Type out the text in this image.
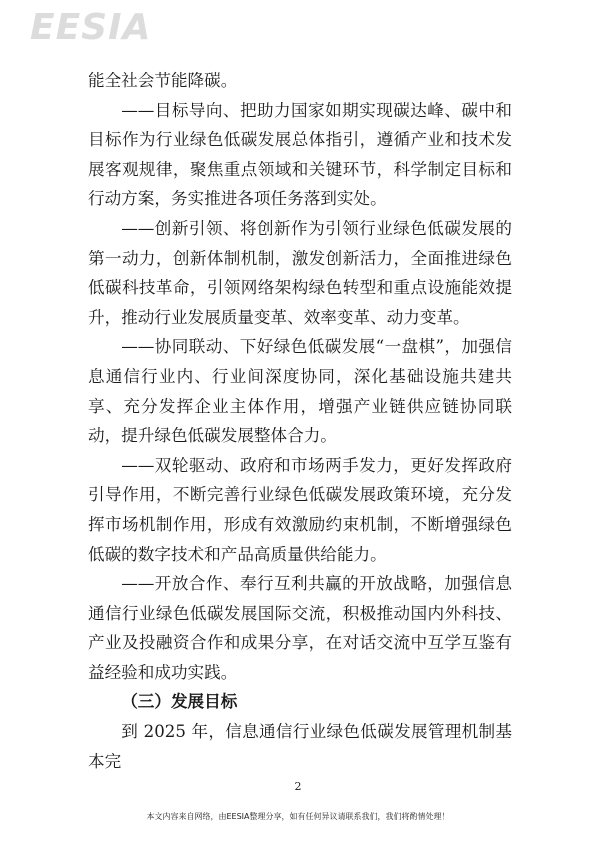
EESIA

能全社会节能降碳。

——目标导向、把助力国家如期实现碳达峰、碳中和目标作为行业绿色低碳发展总体指引，遵循产业和技术发展客观规律，聚焦重点领域和关键环节，科学制定目标和行动方案，务实推进各项任务落到实处。

——创新引领、将创新作为引领行业绿色低碳发展的第一动力，创新体制机制，激发创新活力，全面推进绿色低碳科技革命，引领网络架构绿色转型和重点设施能效提升，推动行业发展质量变革、效率变革、动力变革。

——协同联动、下好绿色低碳发展“一盘棋”，加强信息通信行业内、行业间深度协同，深化基础设施共建共享、充分发挥企业主体作用，增强产业链供应链协同联动，提升绿色低碳发展整体合力。

——双轮驱动、政府和市场两手发力，更好发挥政府引导作用，不断完善行业绿色低碳发展政策环境，充分发挥市场机制作用，形成有效激励约束机制，不断增强绿色低碳的数字技术和产品高质量供给能力。

——开放合作、奉行互利共赢的开放战略，加强信息通信行业绿色低碳发展国际交流，积极推动国内外科技、产业及投融资合作和成果分享，在对话交流中互学互鉴有益经验和成功实践。

（三）发展目标

到 2025 年，信息通信行业绿色低碳发展管理机制基本完

2
本文内容来自网络，由EESIA整理分享，如有任何异议请联系我们，我们将酌情处理！
